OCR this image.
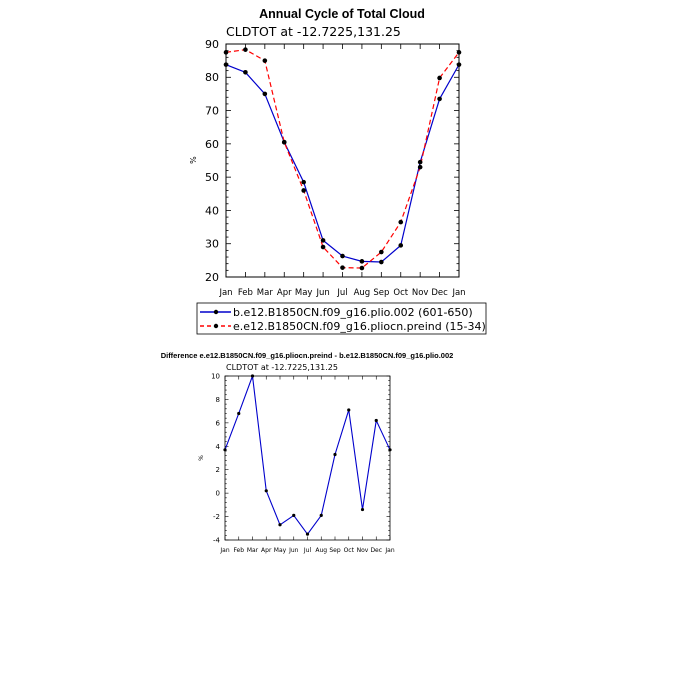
Annual Cycle of Total Cloud
CLDTOT at -12.7225,131.25
20
30
40
50
60
70
80
90
Jan Feb Mar Apr May Jun Jul Aug Sep Oct Nov Dec Jan
%
b.e12.B1850CN.f09_g16.plio.002 (601-650)
e.e12.B1850CN.f09_g16.pliocn.preind (15-34)
Difference e.e12.B1850CN.f09_g16.pliocn.preind - b.e12.B1850CN.f09_g16.plio.002
CLDTOT at -12.7225,131.25
-4
-2
0
2
4
6
8
10
Jan Feb Mar Apr May Jun Jul Aug Sep Oct Nov Dec Jan
%
